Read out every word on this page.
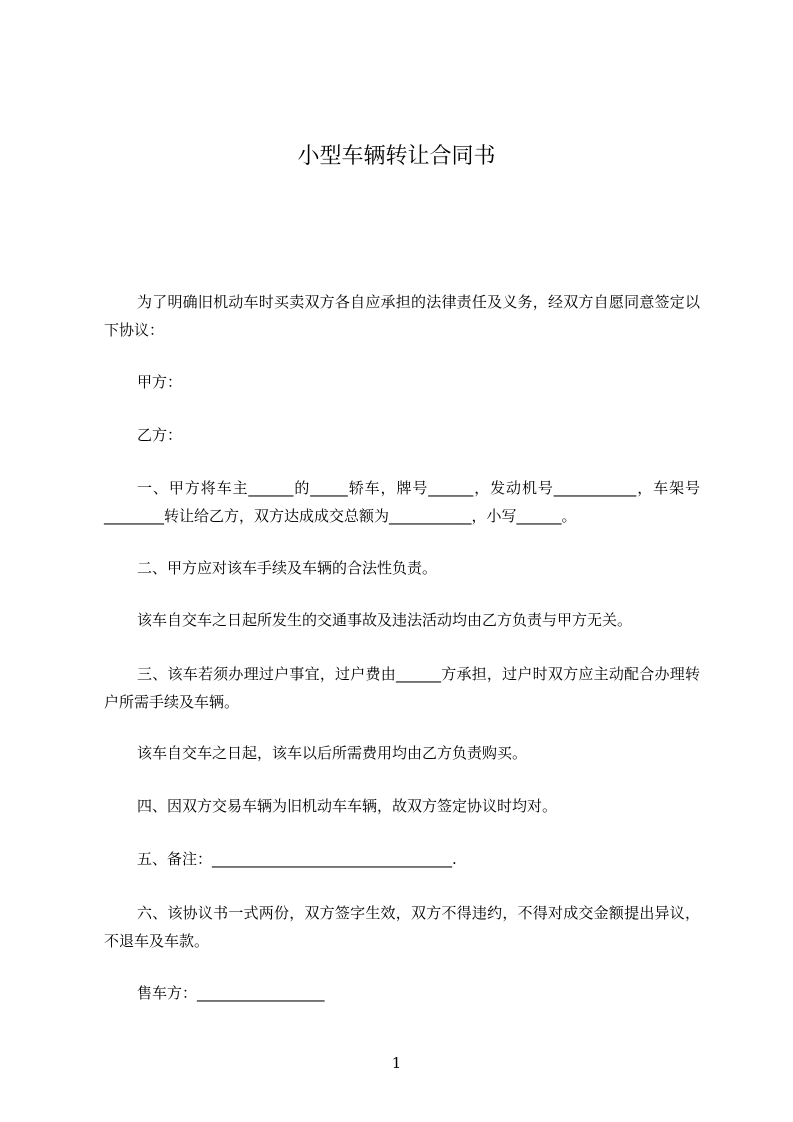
小型车辆转让合同书

为了明确旧机动车时买卖双方各自应承担的法律责任及义务，经双方自愿同意签定以下协议：

甲方：

乙方：

一、甲方将车主______的_____轿车，牌号______，发动机号___________，车架号________转让给乙方，双方达成成交总额为___________，小写______。

二、甲方应对该车手续及车辆的合法性负责。

该车自交车之日起所发生的交通事故及违法活动均由乙方负责与甲方无关。

三、该车若须办理过户事宜，过户费由______方承担，过户时双方应主动配合办理转户所需手续及车辆。

该车自交车之日起，该车以后所需费用均由乙方负责购买。

四、因双方交易车辆为旧机动车车辆，故双方签定协议时均对。

五、备注：________________________________.

六、该协议书一式两份，双方签字生效，双方不得违约，不得对成交金额提出异议，不退车及车款。

售车方：_________________

1
